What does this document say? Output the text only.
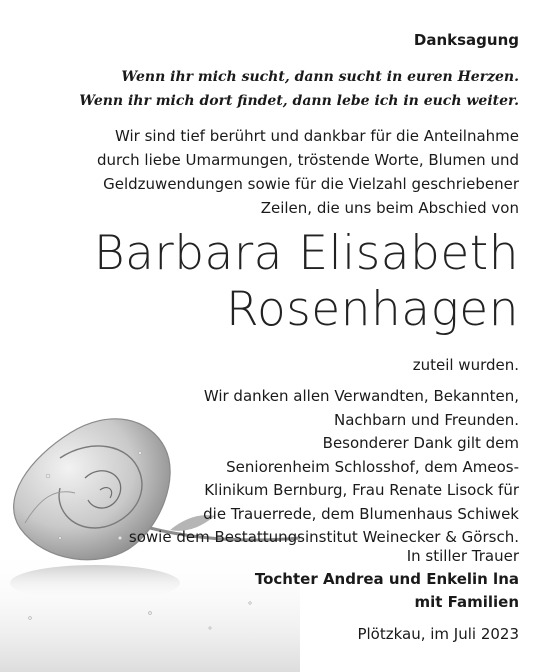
Danksagung
Wenn ihr mich sucht, dann sucht in euren Herzen.
Wenn ihr mich dort findet, dann lebe ich in euch weiter.
Wir sind tief berührt und dankbar für die Anteilnahme
durch liebe Umarmungen, tröstende Worte, Blumen und
Geldzuwendungen sowie für die Vielzahl geschriebener
Zeilen, die uns beim Abschied von
Barbara Elisabeth
Rosenhagen
zuteil wurden.
Wir danken allen Verwandten, Bekannten,
Nachbarn und Freunden.
Besonderer Dank gilt dem
Seniorenheim Schlosshof, dem Ameos-
Klinikum Bernburg, Frau Renate Lisock für
die Trauerrede, dem Blumenhaus Schiwek
sowie dem Bestattungsinstitut Weinecker & Görsch.
In stiller Trauer
Tochter Andrea und Enkelin lna
mit Familien
Plötzkau, im Juli 2023
